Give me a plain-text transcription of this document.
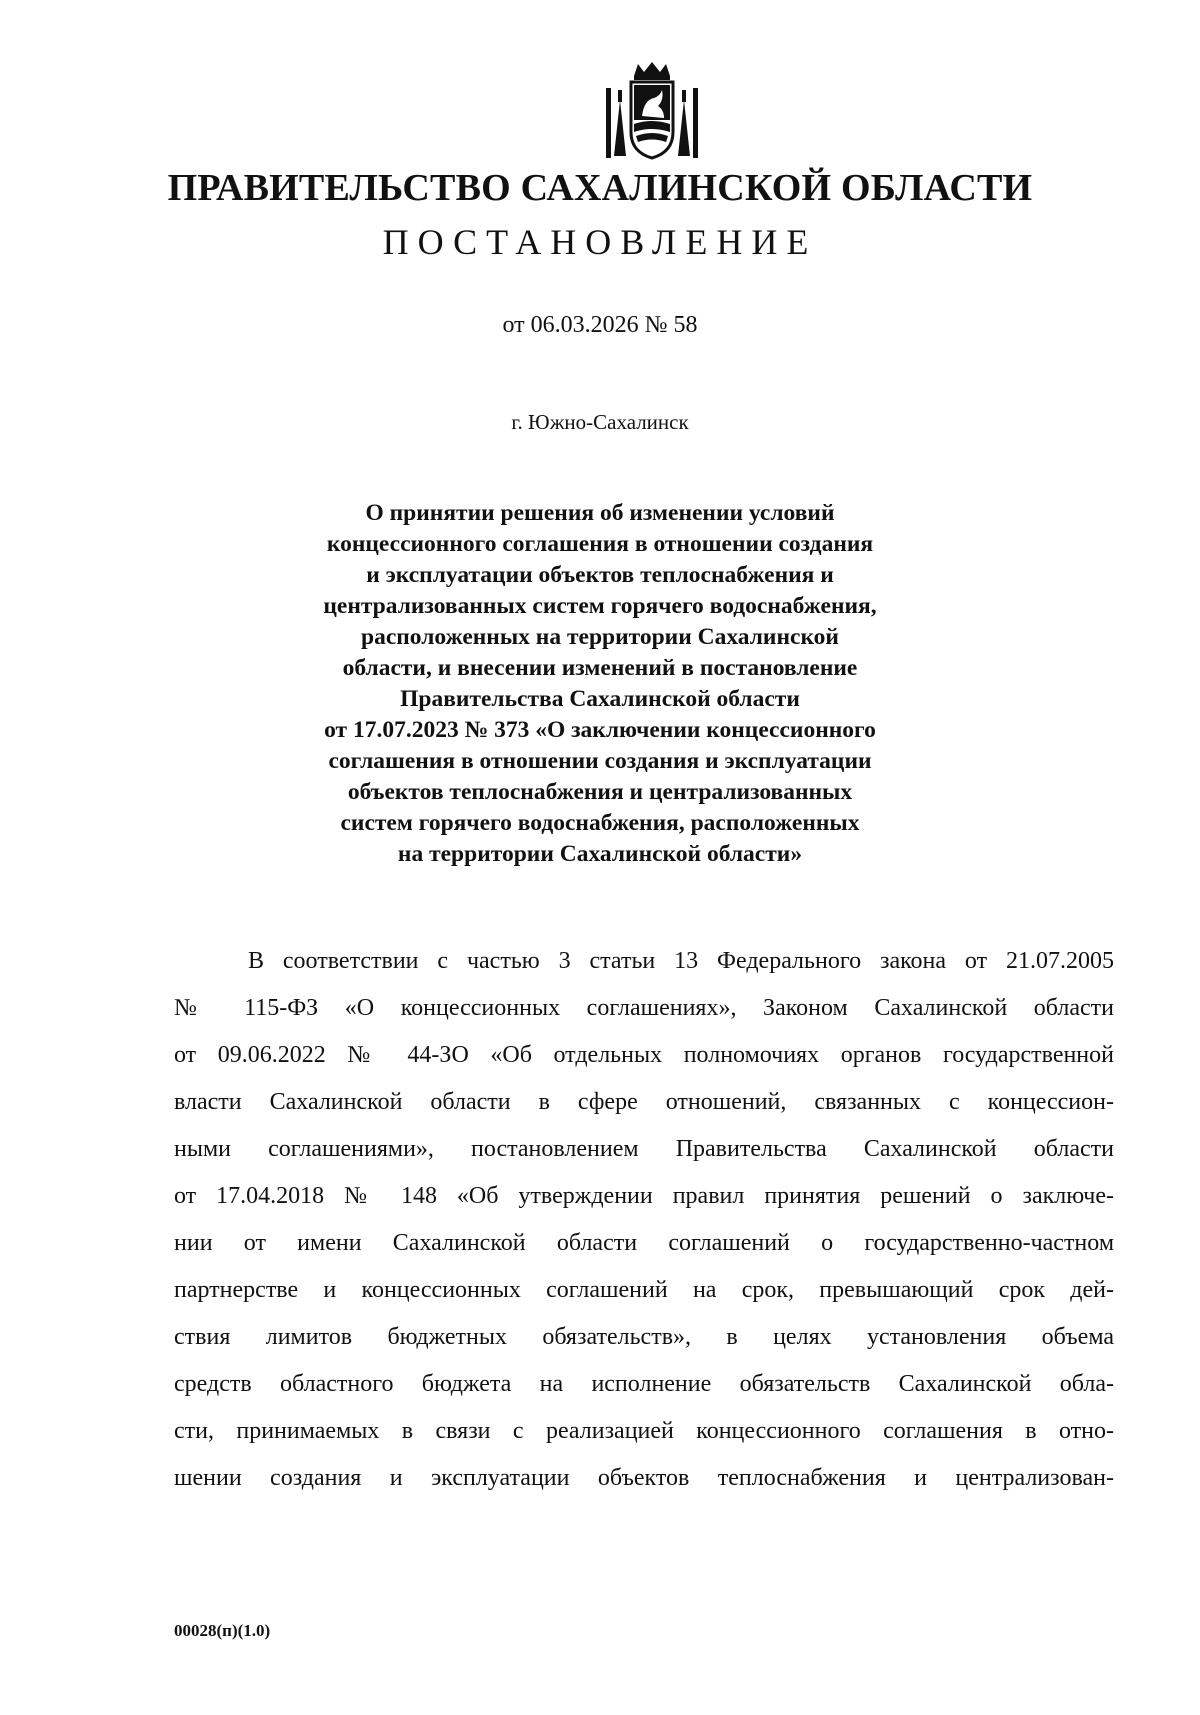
ПРАВИТЕЛЬСТВО САХАЛИНСКОЙ ОБЛАСТИ
ПОСТАНОВЛЕНИЕ
от 06.03.2026 № 58
г. Южно-Сахалинск
О принятии решения об изменении условий
концессионного соглашения в отношении создания
и эксплуатации объектов теплоснабжения и
централизованных систем горячего водоснабжения,
расположенных на территории Сахалинской
области, и внесении изменений в постановление
Правительства Сахалинской области
от 17.07.2023 № 373 «О заключении концессионного
соглашения в отношении создания и эксплуатации
объектов теплоснабжения и централизованных
систем горячего водоснабжения, расположенных
на территории Сахалинской области»
В соответствии с частью 3 статьи 13 Федерального закона от 21.07.2005
№ 115-ФЗ «О концессионных соглашениях», Законом Сахалинской области
от 09.06.2022 № 44-ЗО «Об отдельных полномочиях органов государственной
власти Сахалинской области в сфере отношений, связанных с концессион-
ными соглашениями», постановлением Правительства Сахалинской области
от 17.04.2018 № 148 «Об утверждении правил принятия решений о заключе-
нии от имени Сахалинской области соглашений о государственно-частном
партнерстве и концессионных соглашений на срок, превышающий срок дей-
ствия лимитов бюджетных обязательств», в целях установления объема
средств областного бюджета на исполнение обязательств Сахалинской обла-
сти, принимаемых в связи с реализацией концессионного соглашения в отно-
шении создания и эксплуатации объектов теплоснабжения и централизован-
00028(п)(1.0)
